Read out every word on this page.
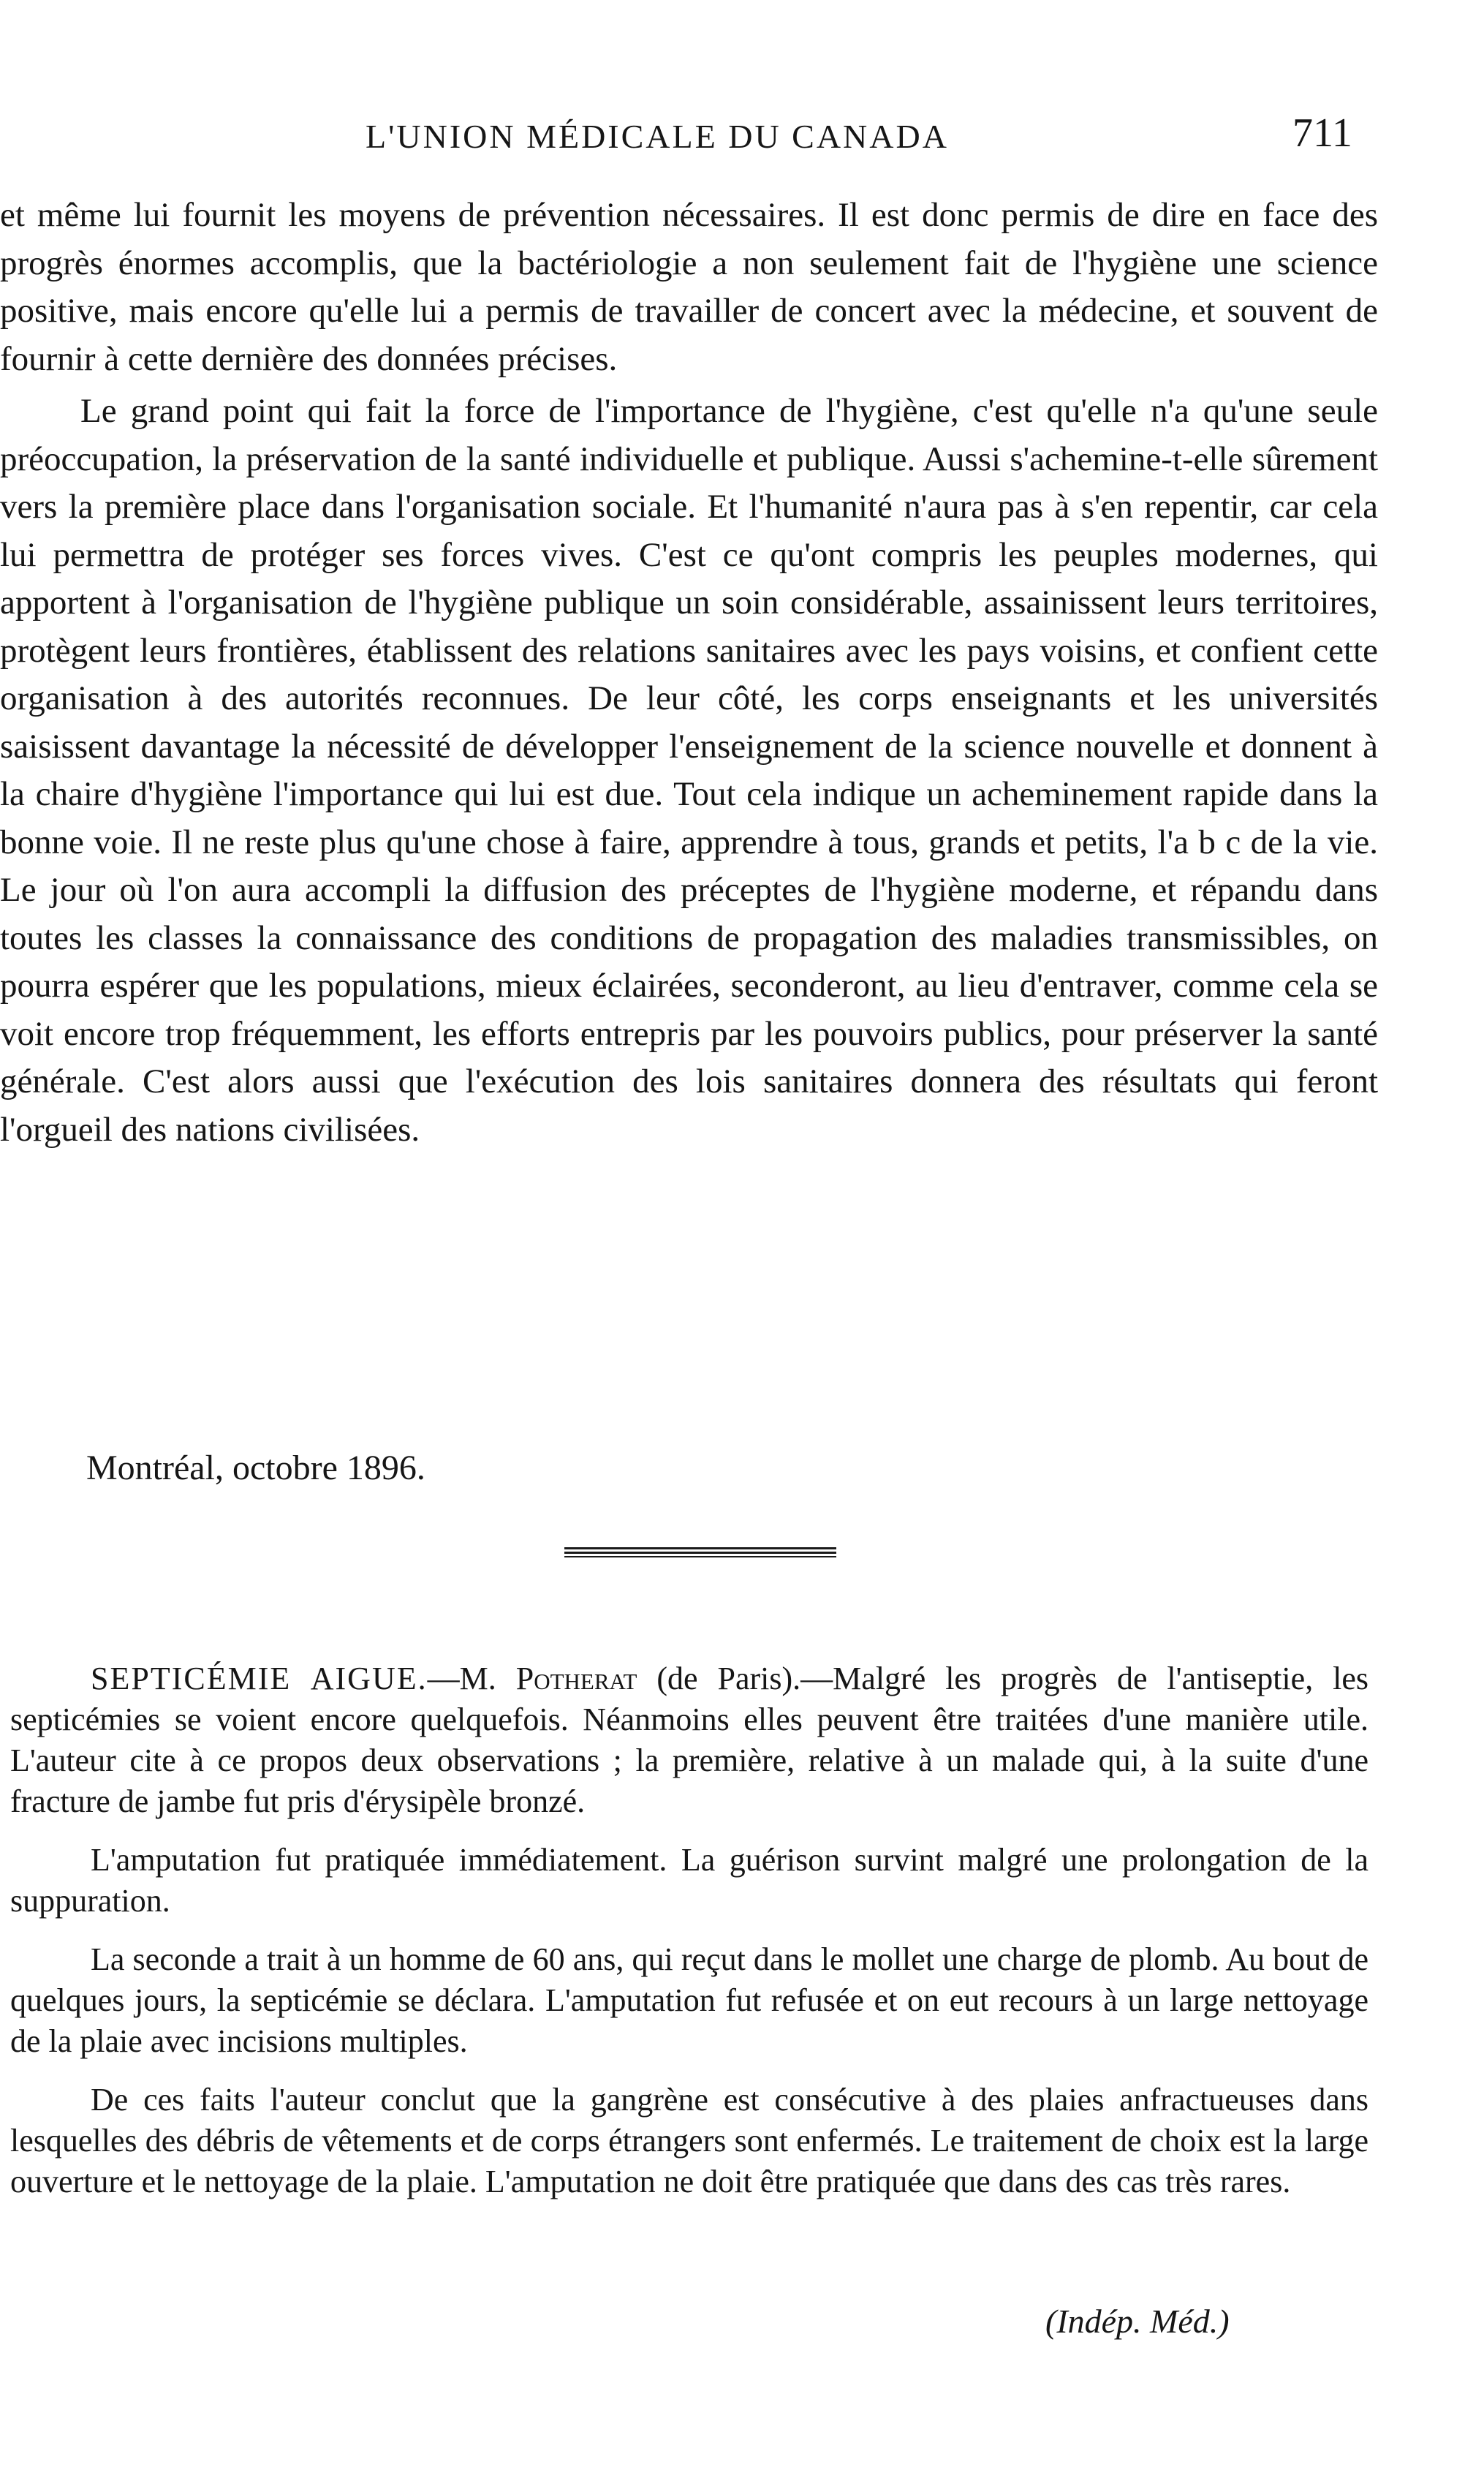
L'UNION MÉDICALE DU CANADA	711

et même lui fournit les moyens de prévention nécessaires. Il est donc permis de dire en face des progrès énormes accomplis, que la bactériologie a non seulement fait de l'hygiène une science positive, mais encore qu'elle lui a permis de travailler de concert avec la médecine, et souvent de fournir à cette dernière des données précises.

Le grand point qui fait la force de l'importance de l'hygiène, c'est qu'elle n'a qu'une seule préoccupation, la préservation de la santé individuelle et publique. Aussi s'achemine-t-elle sûrement vers la première place dans l'organisation sociale. Et l'humanité n'aura pas à s'en repentir, car cela lui permettra de protéger ses forces vives. C'est ce qu'ont compris les peuples modernes, qui apportent à l'organisation de l'hygiène publique un soin considérable, assainissent leurs territoires, protègent leurs frontières, établissent des relations sanitaires avec les pays voisins, et confient cette organisation à des autorités reconnues. De leur côté, les corps enseignants et les universités saisissent davantage la nécessité de développer l'enseignement de la science nouvelle et donnent à la chaire d'hygiène l'importance qui lui est due. Tout cela indique un acheminement rapide dans la bonne voie. Il ne reste plus qu'une chose à faire, apprendre à tous, grands et petits, l'a b c de la vie. Le jour où l'on aura accompli la diffusion des préceptes de l'hygiène moderne, et répandu dans toutes les classes la connaissance des conditions de propagation des maladies transmissibles, on pourra espérer que les populations, mieux éclairées, seconderont, au lieu d'entraver, comme cela se voit encore trop fréquemment, les efforts entrepris par les pouvoirs publics, pour préserver la santé générale. C'est alors aussi que l'exécution des lois sanitaires donnera des résultats qui feront l'orgueil des nations civilisées.

Montréal, octobre 1896.

SEPTICÉMIE AIGUE.—M. Potherat (de Paris).—Malgré les progrès de l'antiseptie, les septicémies se voient encore quelquefois. Néanmoins elles peuvent être traitées d'une manière utile. L'auteur cite à ce propos deux observations ; la première, relative à un malade qui, à la suite d'une fracture de jambe fut pris d'érysipèle bronzé.

L'amputation fut pratiquée immédiatement. La guérison survint malgré une prolongation de la suppuration.

La seconde a trait à un homme de 60 ans, qui reçut dans le mollet une charge de plomb. Au bout de quelques jours, la septicémie se déclara. L'amputation fut refusée et on eut recours à un large nettoyage de la plaie avec incisions multiples.

De ces faits l'auteur conclut que la gangrène est consécutive à des plaies anfractueuses dans lesquelles des débris de vêtements et de corps étrangers sont enfermés. Le traitement de choix est la large ouverture et le nettoyage de la plaie. L'amputation ne doit être pratiquée que dans des cas très rares.

(Indép. Méd.)
